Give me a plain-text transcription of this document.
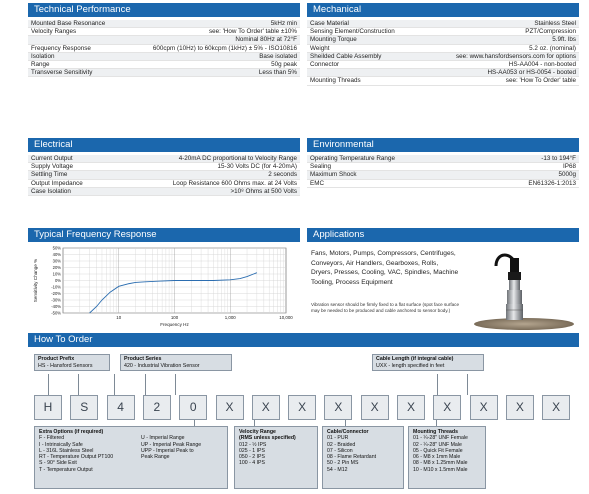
Technical Performance	Mechanical
Electrical	Environmental
Typical Frequency Response	Applications
How To Order
Mounted Base Resonance	5kHz min
Velocity Ranges	see: 'How To Order' table ±10%
Nominal 80Hz at 72°F
Frequency Response	600cpm (10Hz) to 60kcpm (1kHz) ± 5% - ISO10816
Isolation	Base isolated
Range	50g peak
Transverse Sensitivity	Less than 5%
Case Material	Stainless Steel
Sensing Element/Construction	PZT/Compression
Mounting Torque	5.9ft. lbs
Weight	5.2 oz. (nominal)
Sheilded Cable Assembly	see: www.hansfordsensors.com for options
Connector	HS-AA004 - non-booted
HS-AA053 or HS-0054 - booted
Mounting Threads	see: 'How To Order' table
Current Output	4-20mA DC proportional to Velocity Range
Supply Voltage	15-30 Volts DC (for 4-20mA)
Settling Time	2 seconds
Output Impedance	Loop Resistance 600 Ohms max. at 24 Volts
Case Isolation	>10⁸ Ohms at 500 Volts
Operating Temperature Range	-13 to 194°F
Sealing	IP68
Maximum Shock	5000g
EMC	EN61326-1:2013
50%
40%
30%
20%
10%
0%
-10%
-20%
-30%
-40%
-50%
10	100	1,000	10,000
Frequency Hz
Sensitivity Change %
Fans, Motors, Pumps, Compressors, Centrifuges, Conveyors, Air Handlers, Gearboxes, Rolls, Dryers, Presses, Cooling, VAC, Spindles, Machine Tooling, Process Equipment
Vibration sensor should be firmly fixed to a flat surface (spot face surface may be needed to be produced and cable anchored to sensor body.)
Product Prefix
HS - Hansford Sensors
Product Series
420 - Industrial Vibration Sensor
Cable Length (if integral cable)
UXX - length specified in feet
H	S	4	2	0	X	X	X	X	X	X	X	X	X	X
Extra Options (if required)
F - Filtered
I - Intrinsically Safe
L - 316L Stainless Steel
RT - Temperature Output PT100
S - 90° Side Exit
T - Temperature Output
U - Imperial Range
UP - Imperial Peak Range
UPP - Imperial Peak to
Peak Range
Velocity Range
(RMS unless specified)
012 - ½ IPS
025 - 1 IPS
050 - 2 IPS
100 - 4 IPS
Cable/Connector
01 - PUR
02 - Braided
07 - Silicon
08 - Flame Retardant
50 - 2 Pin MS
54 - M12
Mounting Threads
01 - ¼-28" UNF Female
02 - ¼-28" UNF Male
05 - Quick Fit Female
06 - M8 x 1mm Male
08 - M8 x 1.25mm Male
10 - M10 x 1.5mm Male
